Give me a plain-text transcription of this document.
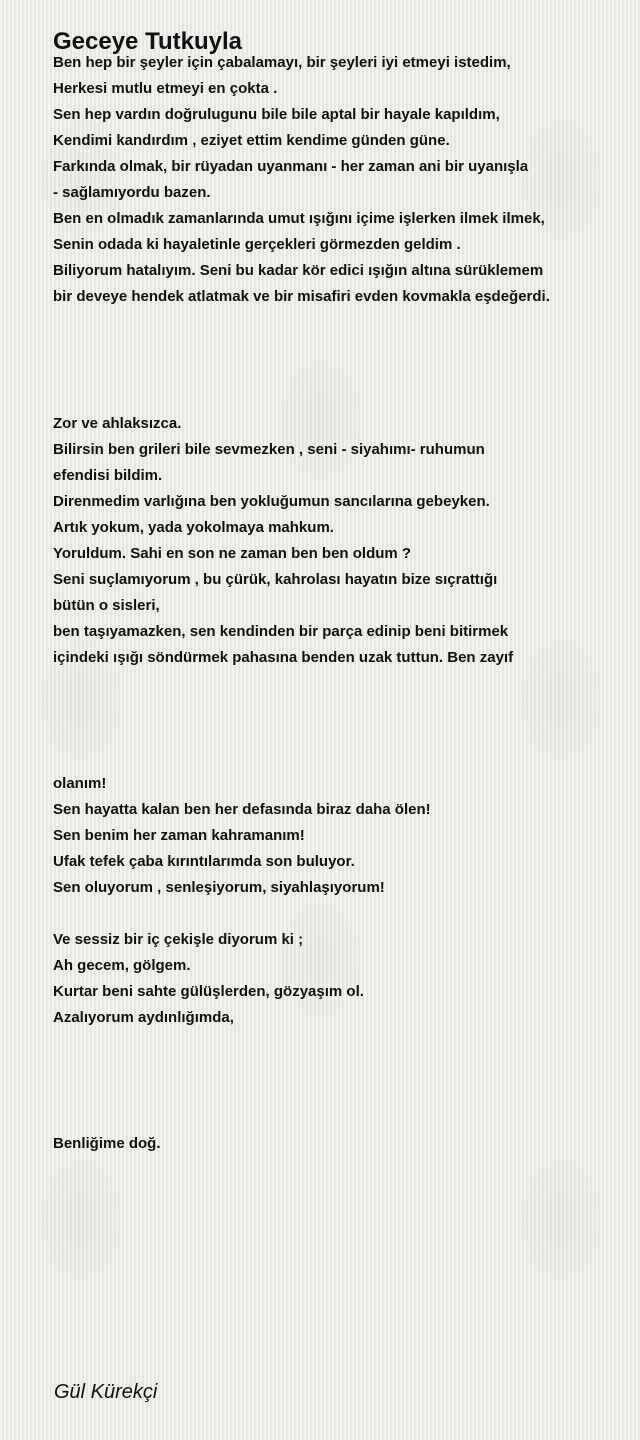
Geceye Tutkuyla
Ben hep bir şeyler için çabalamayı, bir şeyleri iyi etmeyi istedim,
Herkesi mutlu etmeyi en çokta .
Sen hep vardın doğrulugunu bile bile aptal bir hayale kapıldım,
Kendimi kandırdım , eziyet ettim kendime günden güne.
Farkında olmak, bir rüyadan uyanmanı - her zaman ani bir uyanışla
- sağlamıyordu bazen.
Ben en olmadık zamanlarında umut ışığını içime işlerken ilmek ilmek,
Senin odada ki hayaletinle gerçekleri görmezden geldim .
Biliyorum hatalıyım. Seni bu kadar kör edici ışığın altına sürüklemem
bir deveye hendek atlatmak ve bir misafiri evden kovmakla eşdeğerdi.
Zor ve ahlaksızca.
Bilirsin ben grileri bile sevmezken , seni - siyahımı- ruhumun
efendisi bildim.
Direnmedim varlığına ben yokluğumun sancılarına gebeyken.
Artık yokum, yada yokolmaya mahkum.
Yoruldum. Sahi en son ne zaman ben ben oldum ?
Seni suçlamıyorum , bu çürük, kahrolası hayatın bize sıçrattığı
bütün o sisleri,
ben taşıyamazken, sen kendinden bir parça edinip beni bitirmek
içindeki ışığı söndürmek pahasına benden uzak tuttun. Ben zayıf
olanım!
Sen hayatta kalan ben her defasında biraz daha ölen!
Sen benim her zaman kahramanım!
Ufak tefek çaba kırıntılarımda son buluyor.
Sen oluyorum , senleşiyorum, siyahlaşıyorum!
Ve sessiz bir iç çekişle diyorum ki ;
Ah gecem, gölgem.
Kurtar beni sahte gülüşlerden, gözyaşım ol.
Azalıyorum aydınlığımda,
Benliğime doğ.
Gül Kürekçi
